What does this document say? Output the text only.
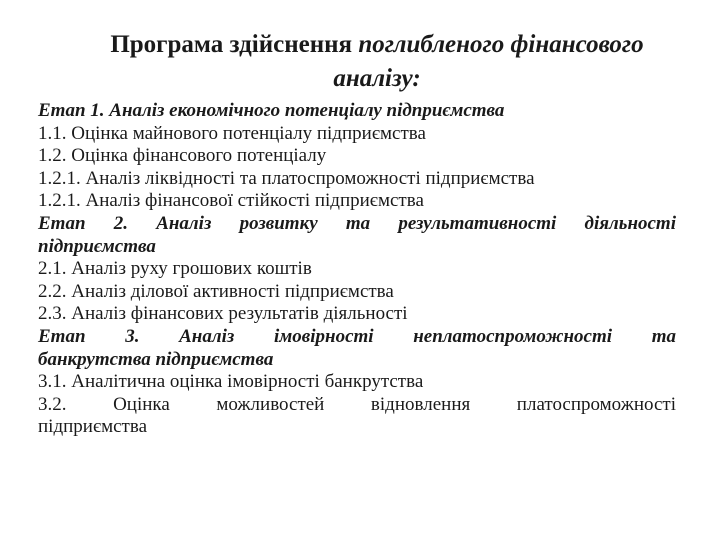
Програма здійснення поглибленого фінансового
аналізу:
Етап 1. Аналіз економічного потенціалу підприємства
1.1. Оцінка майнового потенціалу підприємства
1.2. Оцінка фінансового потенціалу
1.2.1. Аналіз ліквідності та платоспроможності підприємства
1.2.1. Аналіз фінансової стійкості підприємства
Етап 2. Аналіз розвитку та результативності діяльності
підприємства
2.1. Аналіз руху грошових коштів
2.2. Аналіз ділової активності підприємства
2.3. Аналіз фінансових результатів діяльності
Етап 3. Аналіз імовірності неплатоспроможності та
банкрутства підприємства
3.1. Аналітична оцінка імовірності банкрутства
3.2. Оцінка можливостей відновлення платоспроможності
підприємства
